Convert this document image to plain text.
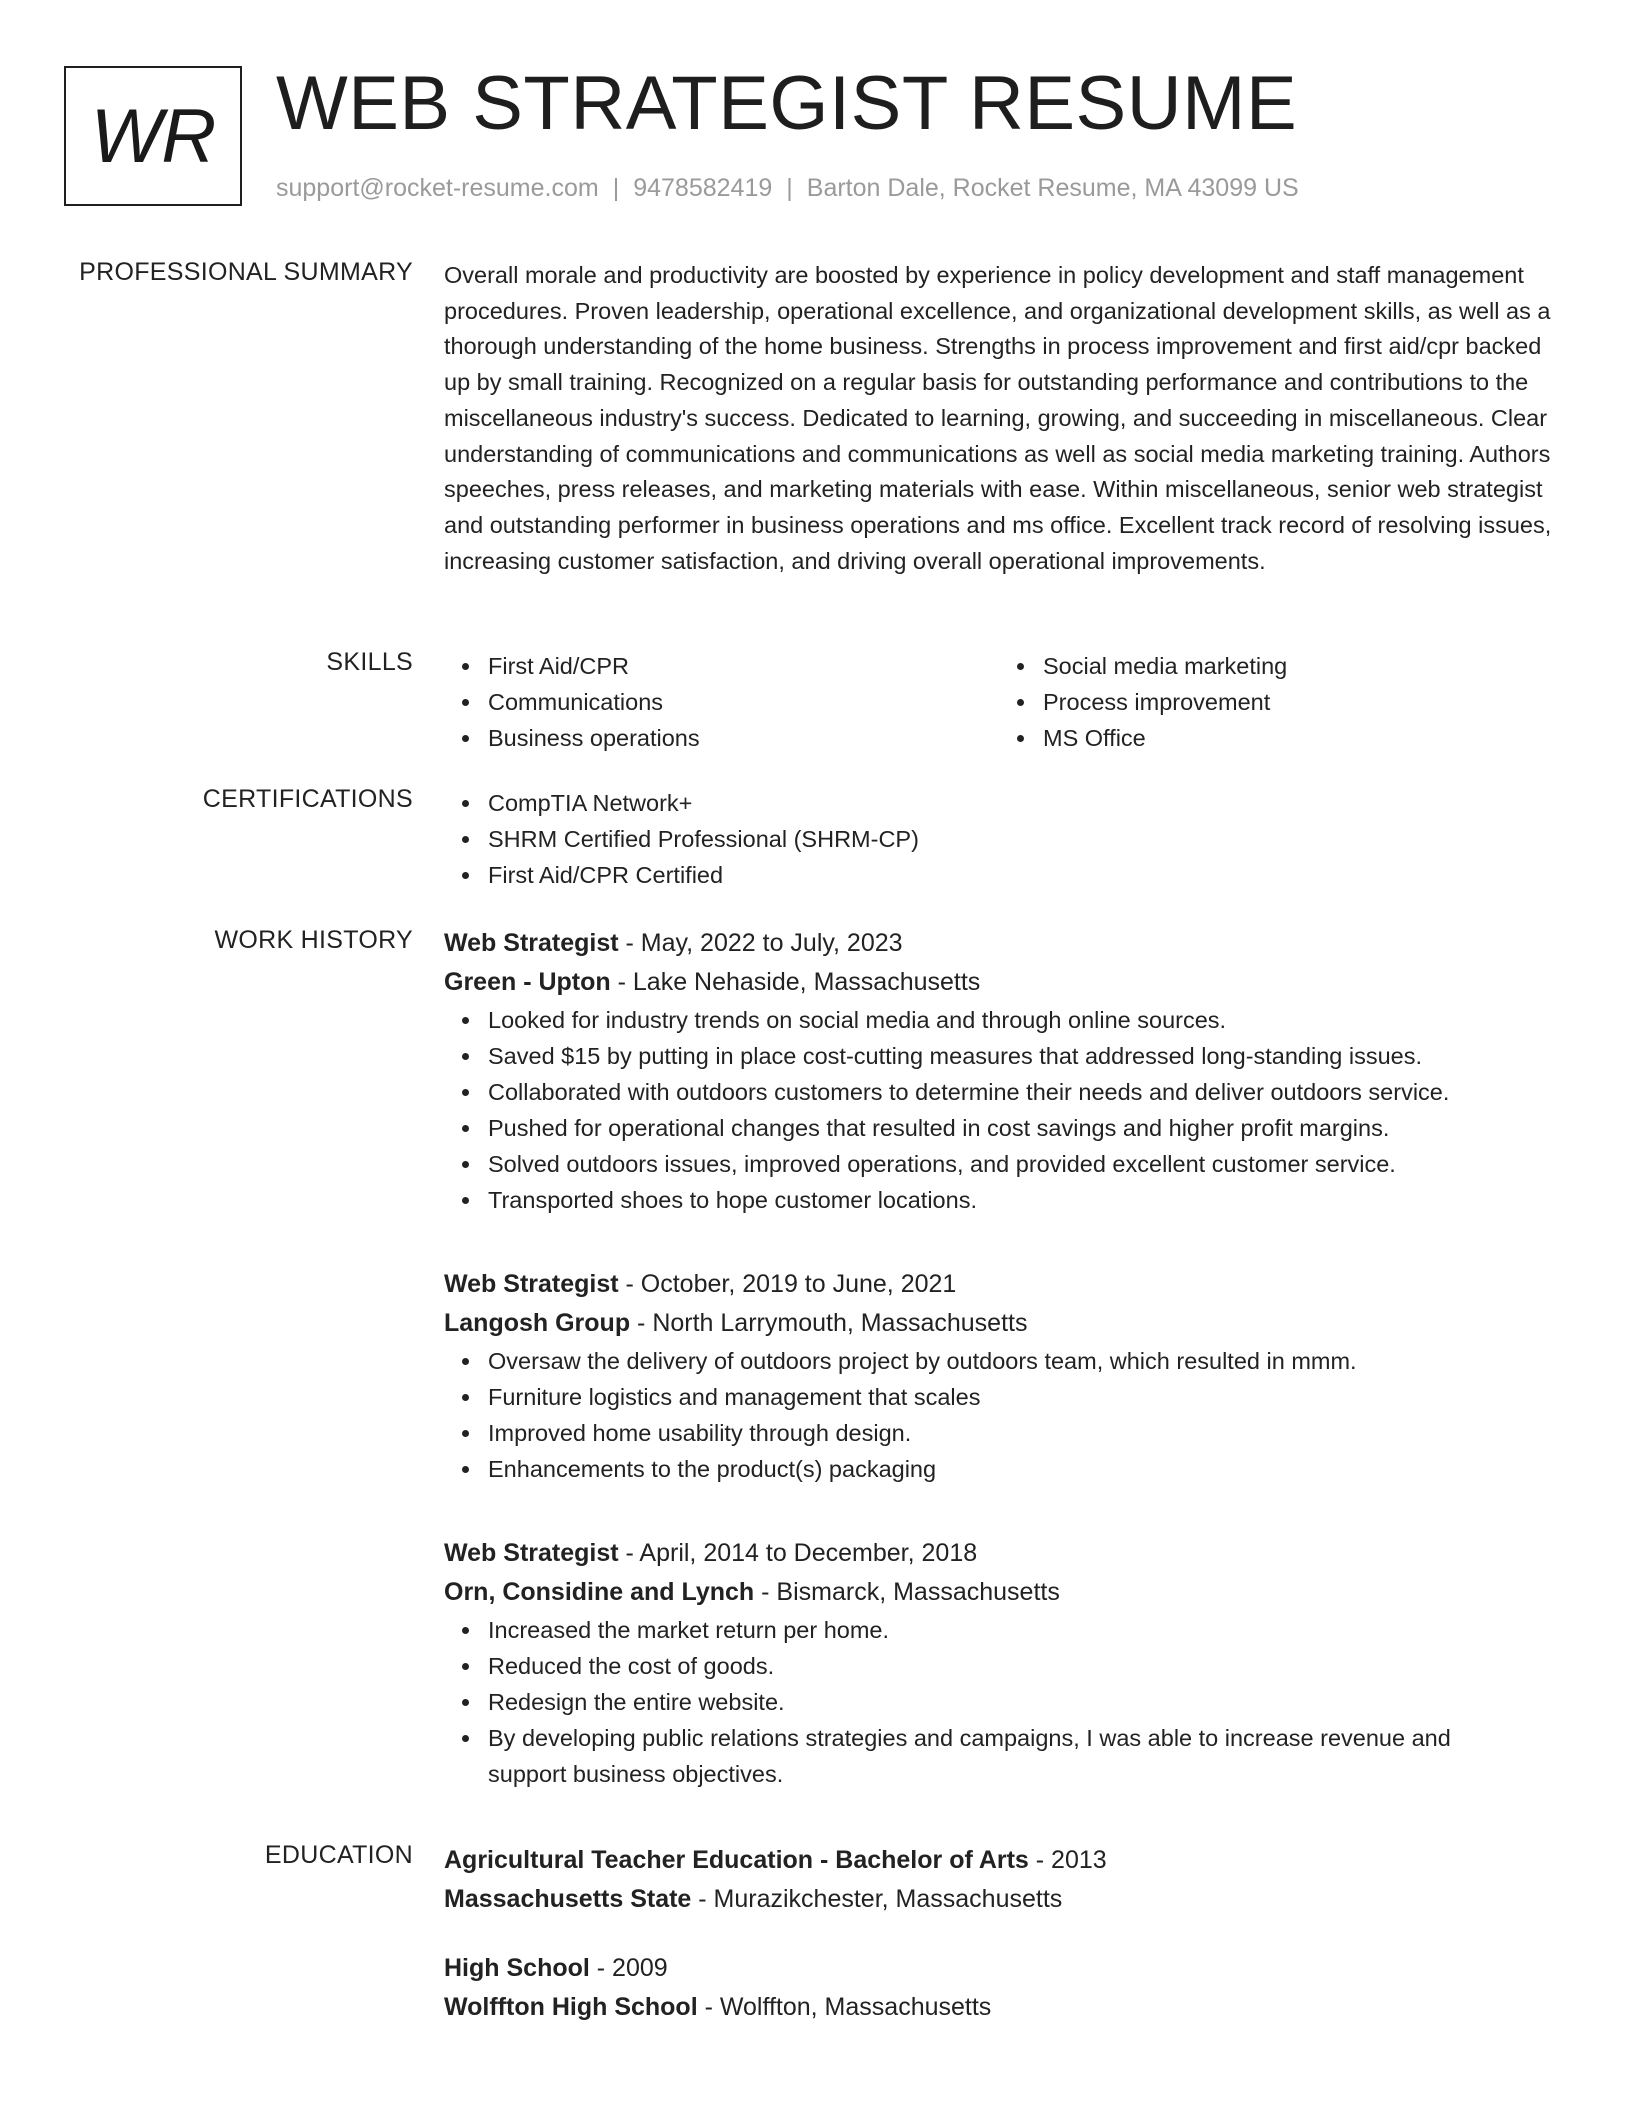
WR WEB STRATEGIST RESUME
support@rocket-resume.com | 9478582419 | Barton Dale, Rocket Resume, MA 43099 US
PROFESSIONAL SUMMARY Overall morale and productivity are boosted by experience in policy development and staff management procedures. Proven leadership, operational excellence, and organizational development skills, as well as a thorough understanding of the home business. Strengths in process improvement and first aid/cpr backed up by small training. Recognized on a regular basis for outstanding performance and contributions to the miscellaneous industry's success. Dedicated to learning, growing, and succeeding in miscellaneous. Clear understanding of communications and communications as well as social media marketing training. Authors speeches, press releases, and marketing materials with ease. Within miscellaneous, senior web strategist and outstanding performer in business operations and ms office. Excellent track record of resolving issues, increasing customer satisfaction, and driving overall operational improvements.

SKILLS	First Aid/CPR
Communications
Business operations
Social media marketing
Process improvement
MS Office
CERTIFICATIONS	CompTIA Network+
SHRM Certified Professional (SHRM-CP)
First Aid/CPR Certified
WORK HISTORY Web Strategist - May, 2022 to July, 2023
Green - Upton - Lake Nehaside, Massachusetts
Looked for industry trends on social media and through online sources.
Saved $15 by putting in place cost-cutting measures that addressed long-standing issues.
Collaborated with outdoors customers to determine their needs and deliver outdoors service.
Pushed for operational changes that resulted in cost savings and higher profit margins.
Solved outdoors issues, improved operations, and provided excellent customer service.
Transported shoes to hope customer locations.
Web Strategist - October, 2019 to June, 2021
Langosh Group - North Larrymouth, Massachusetts
Oversaw the delivery of outdoors project by outdoors team, which resulted in mmm.
Furniture logistics and management that scales
Improved home usability through design.
Enhancements to the product(s) packaging
Web Strategist - April, 2014 to December, 2018
Orn, Considine and Lynch - Bismarck, Massachusetts
Increased the market return per home.
Reduced the cost of goods.
Redesign the entire website.
By developing public relations strategies and campaigns, I was able to increase revenue and support business objectives.
EDUCATION Agricultural Teacher Education - Bachelor of Arts - 2013
Massachusetts State - Murazikchester, Massachusetts
High School - 2009
Wolffton High School - Wolffton, Massachusetts
